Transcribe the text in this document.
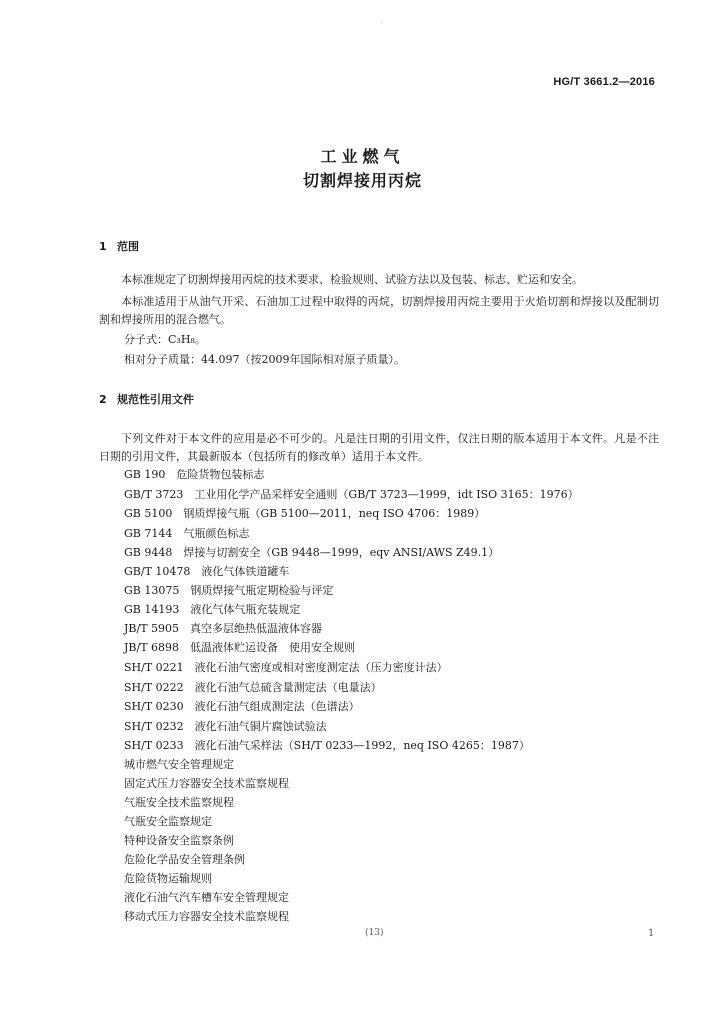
·
HG/T 3661.2—2016
工业燃气
切割焊接用丙烷
1 范围
本标准规定了切割焊接用丙烷的技术要求、检验规则、试验方法以及包装、标志、贮运和安全。
本标准适用于从油气开采、石油加工过程中取得的丙烷，切割焊接用丙烷主要用于火焰切割和焊接以及配制切割和焊接所用的混合燃气。
分子式：C₃H₈。
相对分子质量：44.097（按2009年国际相对原子质量）。
2 规范性引用文件
下列文件对于本文件的应用是必不可少的。凡是注日期的引用文件，仅注日期的版本适用于本文件。凡是不注日期的引用文件，其最新版本（包括所有的修改单）适用于本文件。
GB 190　危险货物包装标志
GB/T 3723　工业用化学产品采样安全通则（GB/T 3723—1999，idt ISO 3165：1976）
GB 5100　钢质焊接气瓶（GB 5100—2011，neq ISO 4706：1989）
GB 7144　气瓶颜色标志
GB 9448　焊接与切割安全（GB 9448—1999，eqv ANSI/AWS Z49.1）
GB/T 10478　液化气体铁道罐车
GB 13075　钢质焊接气瓶定期检验与评定
GB 14193　液化气体气瓶充装规定
JB/T 5905　真空多层绝热低温液体容器
JB/T 6898　低温液体贮运设备　使用安全规则
SH/T 0221　液化石油气密度或相对密度测定法（压力密度计法）
SH/T 0222　液化石油气总硫含量测定法（电量法）
SH/T 0230　液化石油气组成测定法（色谱法）
SH/T 0232　液化石油气铜片腐蚀试验法
SH/T 0233　液化石油气采样法（SH/T 0233—1992，neq ISO 4265：1987）
城市燃气安全管理规定
固定式压力容器安全技术监察规程
气瓶安全技术监察规程
气瓶安全监察规定
特种设备安全监察条例
危险化学品安全管理条例
危险货物运输规则
液化石油气汽车槽车安全管理规定
移动式压力容器安全技术监察规程
(13)	1
